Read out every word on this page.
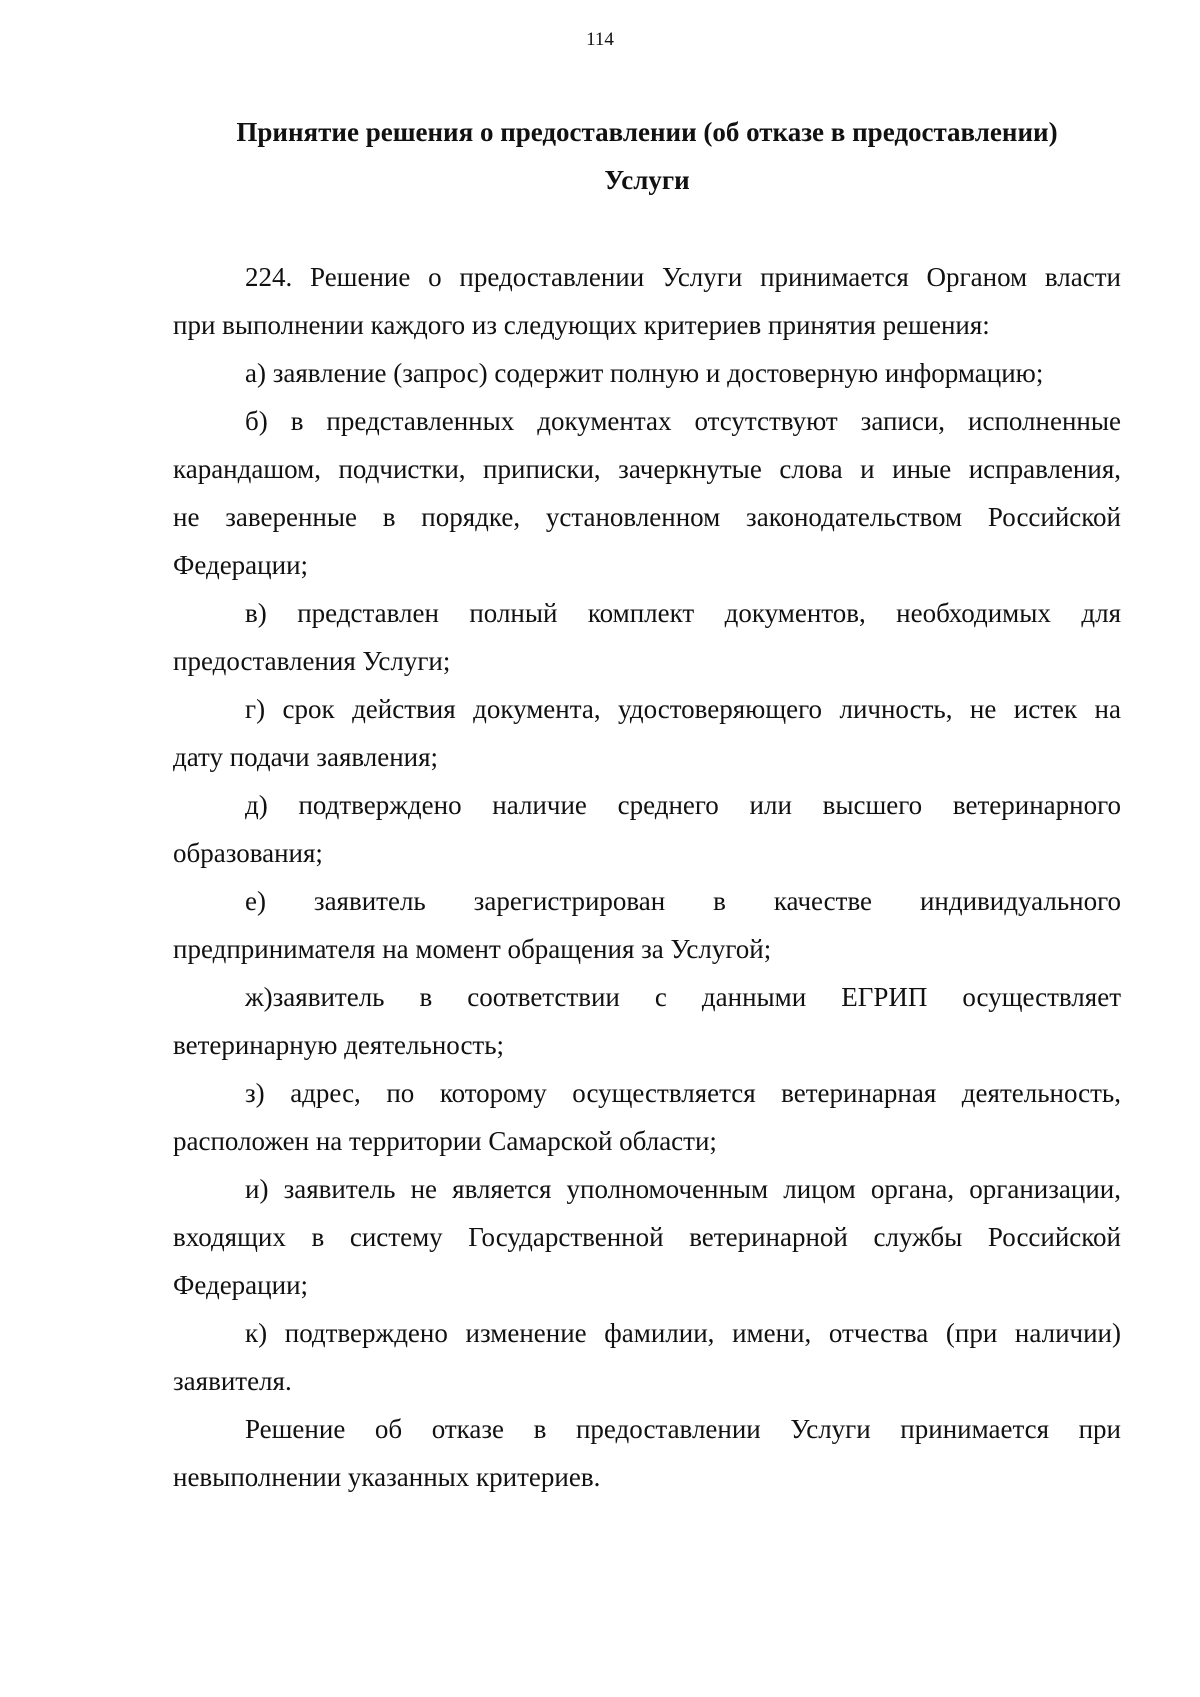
114
Принятие решения о предоставлении (об отказе в предоставлении)
Услуги
224. Решение о предоставлении Услуги принимается Органом власти
при выполнении каждого из следующих критериев принятия решения:
а) заявление (запрос) содержит полную и достоверную информацию;
б) в представленных документах отсутствуют записи, исполненные
карандашом, подчистки, приписки, зачеркнутые слова и иные исправления,
не заверенные в порядке, установленном законодательством Российской
Федерации;
в) представлен полный комплект документов, необходимых для
предоставления Услуги;
г) срок действия документа, удостоверяющего личность, не истек на
дату подачи заявления;
д) подтверждено наличие среднего или высшего ветеринарного
образования;
е) заявитель зарегистрирован в качестве индивидуального
предпринимателя на момент обращения за Услугой;
ж)заявитель в соответствии с данными ЕГРИП осуществляет
ветеринарную деятельность;
з) адрес, по которому осуществляется ветеринарная деятельность,
расположен на территории Самарской области;
и) заявитель не является уполномоченным лицом органа, организации,
входящих в систему Государственной ветеринарной службы Российской
Федерации;
к) подтверждено изменение фамилии, имени, отчества (при наличии)
заявителя.
Решение об отказе в предоставлении Услуги принимается при
невыполнении указанных критериев.
